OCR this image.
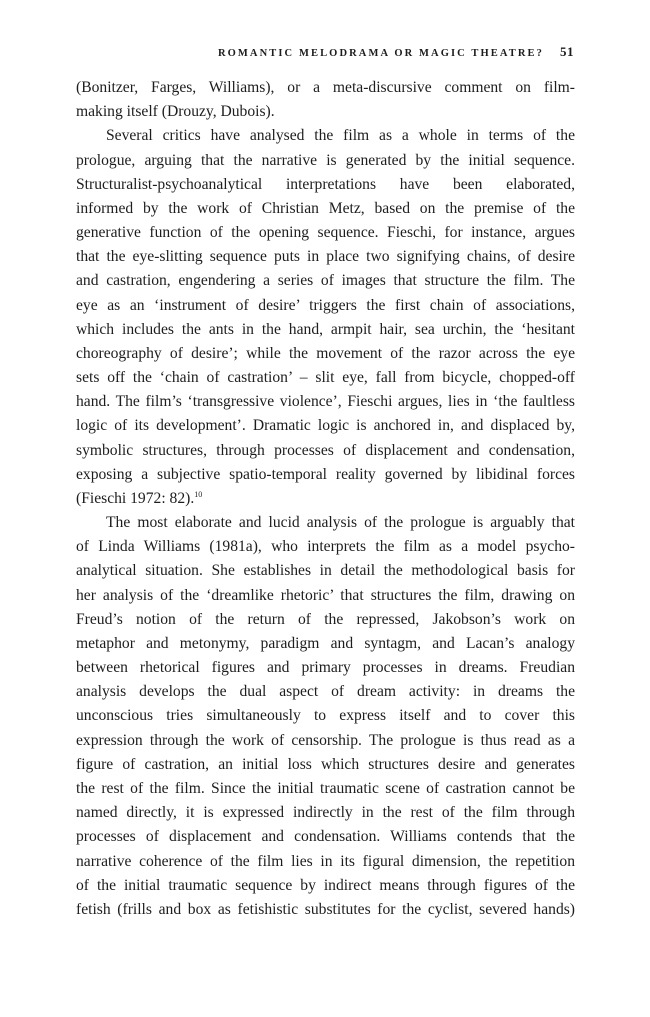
ROMANTIC MELODRAMA OR MAGIC THEATRE? 51
(Bonitzer, Farges, Williams), or a meta-discursive comment on film-
making itself (Drouzy, Dubois).
Several critics have analysed the film as a whole in terms of the
prologue, arguing that the narrative is generated by the initial sequence.
Structuralist-psychoanalytical interpretations have been elaborated,
informed by the work of Christian Metz, based on the premise of the
generative function of the opening sequence. Fieschi, for instance, argues
that the eye-slitting sequence puts in place two signifying chains, of desire
and castration, engendering a series of images that structure the film. The
eye as an ‘instrument of desire’ triggers the first chain of associations,
which includes the ants in the hand, armpit hair, sea urchin, the ‘hesitant
choreography of desire’; while the movement of the razor across the eye
sets off the ‘chain of castration’ – slit eye, fall from bicycle, chopped-off
hand. The film’s ‘transgressive violence’, Fieschi argues, lies in ‘the faultless
logic of its development’. Dramatic logic is anchored in, and displaced by,
symbolic structures, through processes of displacement and condensation,
exposing a subjective spatio-temporal reality governed by libidinal forces
(Fieschi 1972: 82).$^{10}$
The most elaborate and lucid analysis of the prologue is arguably that
of Linda Williams (1981a), who interprets the film as a model psycho-
analytical situation. She establishes in detail the methodological basis for
her analysis of the ‘dreamlike rhetoric’ that structures the film, drawing on
Freud’s notion of the return of the repressed, Jakobson’s work on
metaphor and metonymy, paradigm and syntagm, and Lacan’s analogy
between rhetorical figures and primary processes in dreams. Freudian
analysis develops the dual aspect of dream activity: in dreams the
unconscious tries simultaneously to express itself and to cover this
expression through the work of censorship. The prologue is thus read as a
figure of castration, an initial loss which structures desire and generates
the rest of the film. Since the initial traumatic scene of castration cannot be
named directly, it is expressed indirectly in the rest of the film through
processes of displacement and condensation. Williams contends that the
narrative coherence of the film lies in its figural dimension, the repetition
of the initial traumatic sequence by indirect means through figures of the
fetish (frills and box as fetishistic substitutes for the cyclist, severed hands)
